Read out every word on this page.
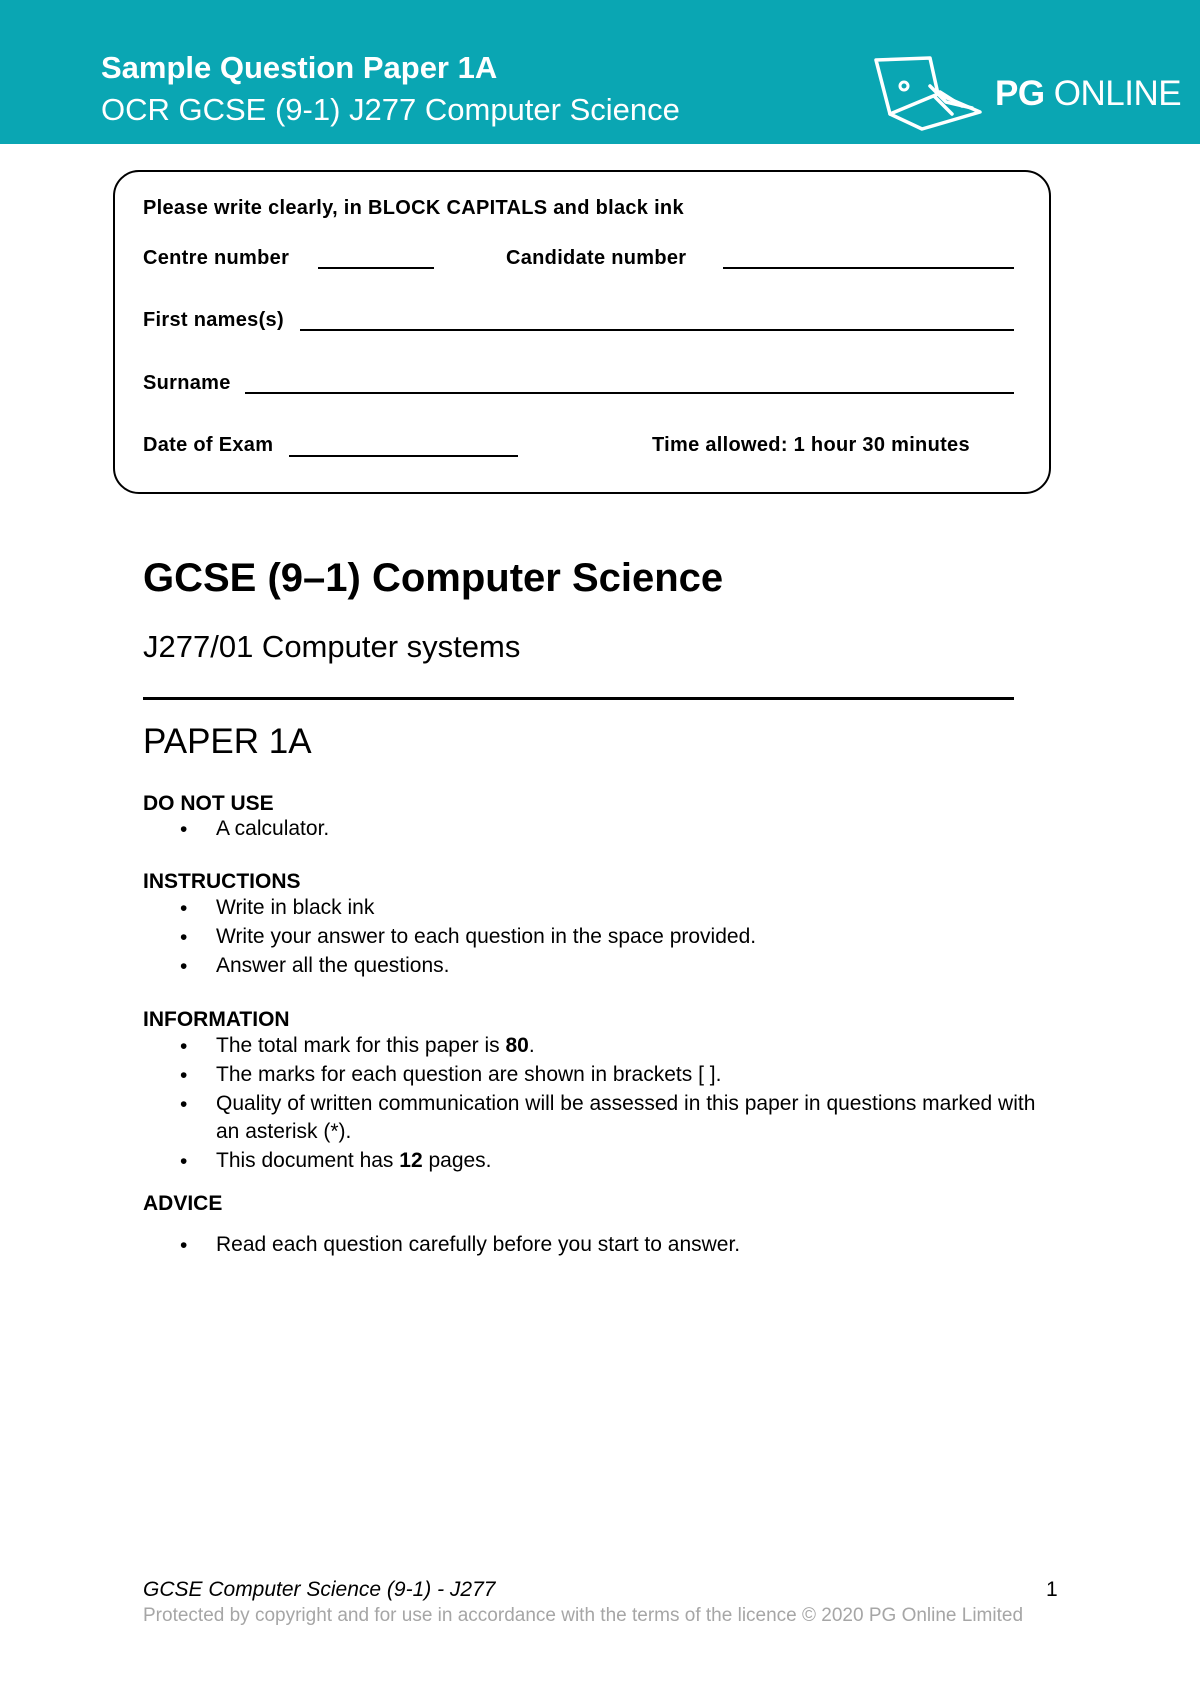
Sample Question Paper 1A
OCR GCSE (9-1) J277 Computer Science	PG ONLINE
Please write clearly, in BLOCK CAPITALS and black ink
Centre number	Candidate number
First names(s)
Surname
Date of Exam	Time allowed: 1 hour 30 minutes
GCSE (9–1) Computer Science
J277/01 Computer systems
PAPER 1A
DO NOT USE
• A calculator.
INSTRUCTIONS
• Write in black ink
• Write your answer to each question in the space provided.
• Answer all the questions.
INFORMATION
• The total mark for this paper is 80.
• The marks for each question are shown in brackets [ ].
• Quality of written communication will be assessed in this paper in questions marked with an asterisk (*).
• This document has 12 pages.
ADVICE
• Read each question carefully before you start to answer.
GCSE Computer Science (9-1) - J277	1
Protected by copyright and for use in accordance with the terms of the licence © 2020 PG Online Limited
